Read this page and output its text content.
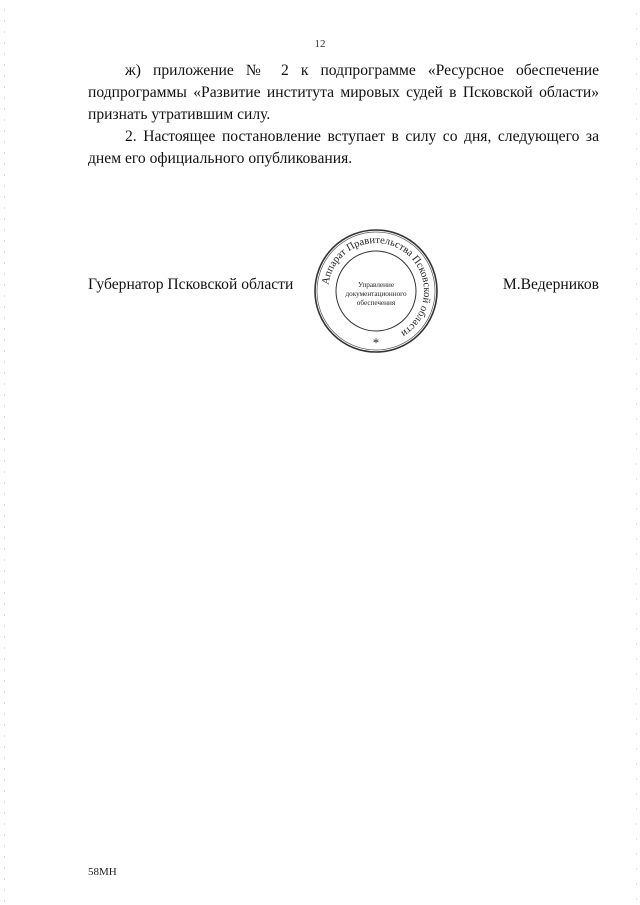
12

ж) приложение № 2 к подпрограмме «Ресурсное обеспечение подпрограммы «Развитие института мировых судей в Псковской области» признать утратившим силу.

2. Настоящее постановление вступает в силу со дня, следующего за днем его официального опубликования.

Губернатор Псковской области	М.Ведерников
Аппарат Правительства Псковской области
Управление
документационного
обеспечения
*
58МН
